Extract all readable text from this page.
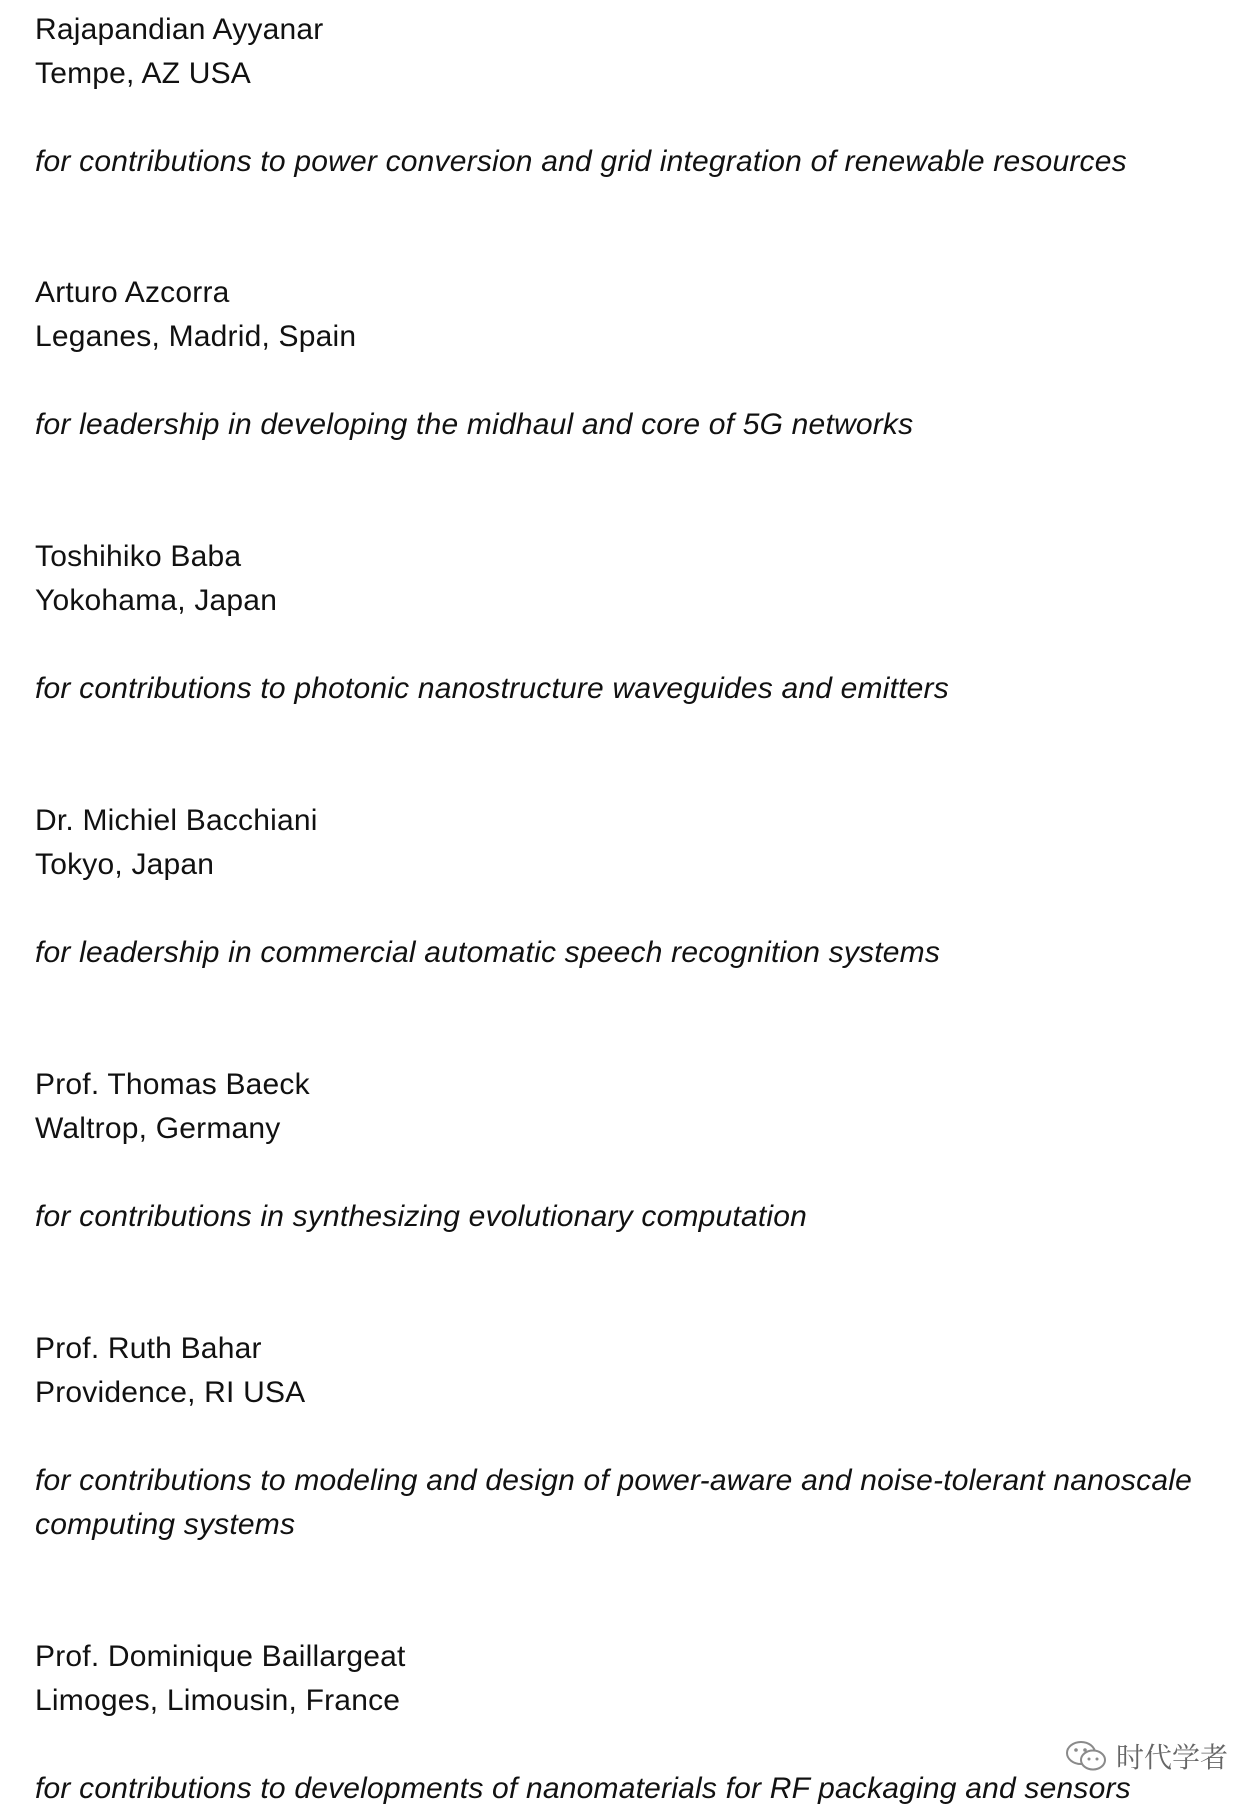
Rajapandian Ayyanar
Tempe, AZ USA
for contributions to power conversion and grid integration of renewable resources
Arturo Azcorra
Leganes, Madrid, Spain
for leadership in developing the midhaul and core of 5G networks
Toshihiko Baba
Yokohama, Japan
for contributions to photonic nanostructure waveguides and emitters
Dr. Michiel Bacchiani
Tokyo, Japan
for leadership in commercial automatic speech recognition systems
Prof. Thomas Baeck
Waltrop, Germany
for contributions in synthesizing evolutionary computation
Prof. Ruth Bahar
Providence, RI USA
for contributions to modeling and design of power-aware and noise-tolerant nanoscale
computing systems
Prof. Dominique Baillargeat
Limoges, Limousin, France
for contributions to developments of nanomaterials for RF packaging and sensors
时代学者
